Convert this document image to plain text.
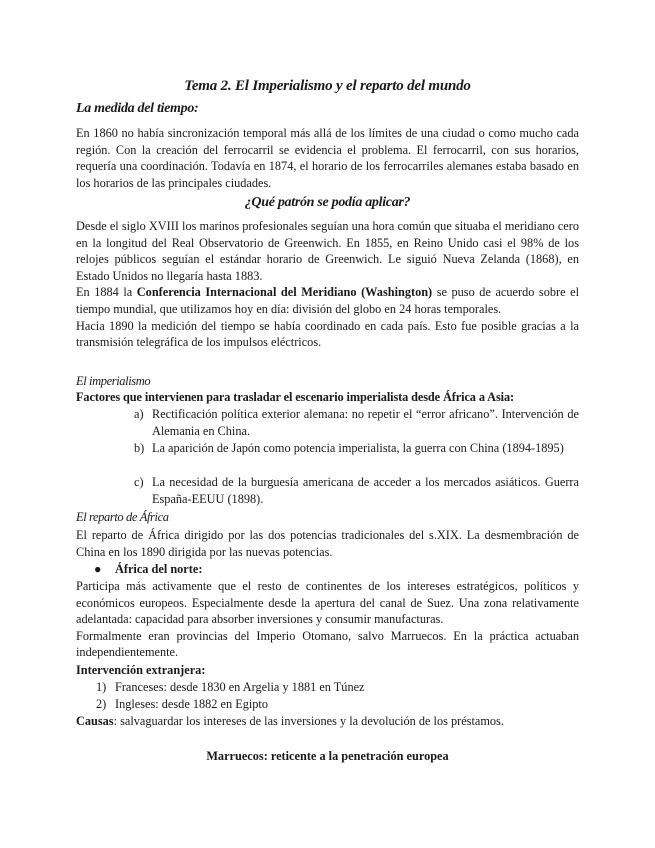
Tema 2. El Imperialismo y el reparto del mundo
La medida del tiempo:

En 1860 no había sincronización temporal más allá de los límites de una ciudad o como mucho cada región. Con la creación del ferrocarril se evidencia el problema. El ferrocarril, con sus horarios, requería una coordinación. Todavía en 1874, el horario de los ferrocarriles alemanes estaba basado en los horarios de las principales ciudades.

¿Qué patrón se podía aplicar?

Desde el siglo XVIII los marinos profesionales seguían una hora común que situaba el meridiano cero en la longitud del Real Observatorio de Greenwich. En 1855, en Reino Unido casi el 98% de los relojes públicos seguían el estándar horario de Greenwich. Le siguió Nueva Zelanda (1868), en Estado Unidos no llegaría hasta 1883.

En 1884 la Conferencia Internacional del Meridiano (Washington) se puso de acuerdo sobre el tiempo mundial, que utilizamos hoy en día: división del globo en 24 horas temporales.

Hacia 1890 la medición del tiempo se había coordinado en cada país. Esto fue posible gracias a la transmisión telegráfica de los impulsos eléctricos.

El imperialismo
Factores que intervienen para trasladar el escenario imperialista desde África a Asia:
a) Rectificación política exterior alemana: no repetir el “error africano”. Intervención de Alemania en China.
b) La aparición de Japón como potencia imperialista, la guerra con China (1894-1895)
c) La necesidad de la burguesía americana de acceder a los mercados asiáticos. Guerra España-EEUU (1898).
El reparto de África

El reparto de África dirigido por las dos potencias tradicionales del s.XIX. La desmembración de China en los 1890 dirigida por las nuevas potencias.

● África del norte:

Participa más activamente que el resto de continentes de los intereses estratégicos, políticos y económicos europeos. Especialmente desde la apertura del canal de Suez. Una zona relativamente adelantada: capacidad para absorber inversiones y consumir manufacturas.

Formalmente eran provincias del Imperio Otomano, salvo Marruecos. En la práctica actuaban independientemente.

Intervención extranjera:
1) Franceses: desde 1830 en Argelia y 1881 en Túnez
2) Ingleses: desde 1882 en Egipto
Causas: salvaguardar los intereses de las inversiones y la devolución de los préstamos.
Marruecos: reticente a la penetración europea
